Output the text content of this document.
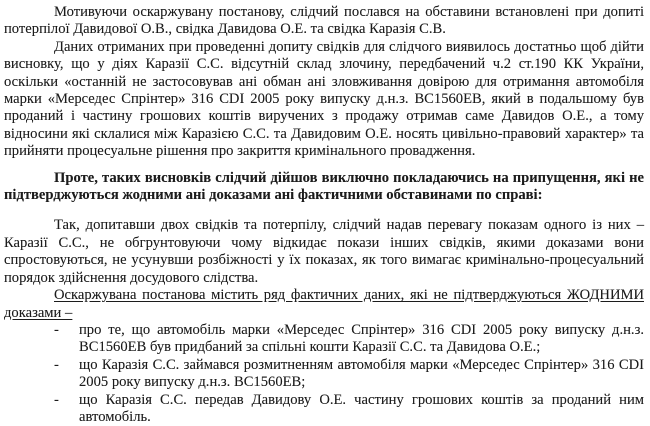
Мотивуючи оскаржувану постанову, слідчий послався на обставини встановлені при допиті потерпілої Давидової О.В., свідка Давидова О.Е. та свідка Каразія С.В.

Даних отриманих при проведенні допиту свідків для слідчого виявилось достатньо щоб дійти висновку, що у діях Каразії С.С. відсутній склад злочину, передбачений ч.2 ст.190 КК України, оскільки «останній не застосовував ані обман ані зловживання довірою для отримання автомобіля марки «Мерседес Спрінтер» 316 CDI 2005 року випуску д.н.з. ВС1560ЕВ, який в подальшому був проданий і частину грошових коштів виручених з продажу отримав саме Давидов О.Е., а тому відносини які склалися між Каразією С.С. та Давидовим О.Е. носять цивільно-правовий характер» та прийняти процесуальне рішення про закриття кримінального провадження.

Проте, таких висновків слідчий дійшов виключно покладаючись на припущення, які не підтверджуються жодними ані доказами ані фактичними обставинами по справі:

Так, допитавши двох свідків та потерпілу, слідчий надав перевагу показам одного із них – Каразії С.С., не обгрунтовуючи чому відкидає покази інших свідків, якими доказами вони спростовуються, не усунувши розбіжності у їх показах, як того вимагає кримінально-процесуальний порядок здійснення досудового слідства.

Оскаржувана постанова містить ряд фактичних даних, які не підтверджуються ЖОДНИМИ доказами –

-	про те, що автомобіль марки «Мерседес Спрінтер» 316 CDI 2005 року випуску д.н.з. ВС1560ЕВ був придбаний за спільні кошти Каразії С.С. та Давидова О.Е.;
-	що Каразія С.С. займався розмитненням автомобіля марки «Мерседес Спрінтер» 316 CDI 2005 року випуску д.н.з. ВС1560ЕВ;
-	що Каразія С.С. передав Давидову О.Е. частину грошових коштів за проданий ним автомобіль.
